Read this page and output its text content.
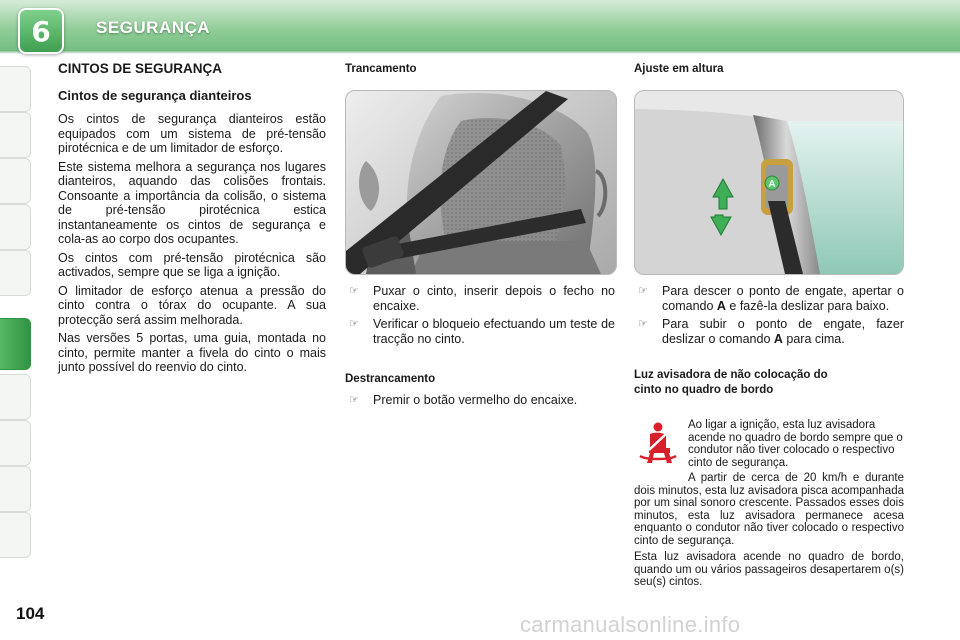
6	SEGURANÇA
104
CINTOS DE SEGURANÇA
Cintos de segurança dianteiros

Os cintos de segurança dianteiros estão equipados com um sistema de pré-tensão pirotécnica e de um limitador de esforço.

Este sistema melhora a segurança nos lugares dianteiros, aquando das colisões frontais. Consoante a importância da colisão, o sistema de pré-tensão pirotécnica estica instantaneamente os cintos de segurança e cola-as ao corpo dos ocupantes.

Os cintos com pré-tensão pirotécnica são activados, sempre que se liga a ignição.

O limitador de esforço atenua a pressão do cinto contra o tórax do ocupante. A sua protecção será assim melhorada.

Nas versões 5 portas, uma guia, montada no cinto, permite manter a fivela do cinto o mais junto possível do reenvio do cinto.

Trancamento
☞	Puxar o cinto, inserir depois o fecho no encaixe.
☞	Verificar o bloqueio efectuando um teste de tracção no cinto.
Destrancamento
☞	Premir o botão vermelho do encaixe.
Ajuste em altura
A
☞	Para descer o ponto de engate, apertar o comando A e fazê-la deslizar para baixo.
☞	Para subir o ponto de engate, fazer deslizar o comando A para cima.
Luz avisadora de não colocação do
cinto no quadro de bordo

Ao ligar a ignição, esta luz avisadora acende no quadro de bordo sempre que o condutor não tiver colocado o respectivo cinto de segurança.

A partir de cerca de 20 km/h e durante dois minutos, esta luz avisadora pisca acompanhada por um sinal sonoro crescente. Passados esses dois minutos, esta luz avisadora permanece acesa enquanto o condutor não tiver colocado o respectivo cinto de segurança.

Esta luz avisadora acende no quadro de bordo, quando um ou vários passageiros desapertarem o(s) seu(s) cintos.

carmanualsonline.info
